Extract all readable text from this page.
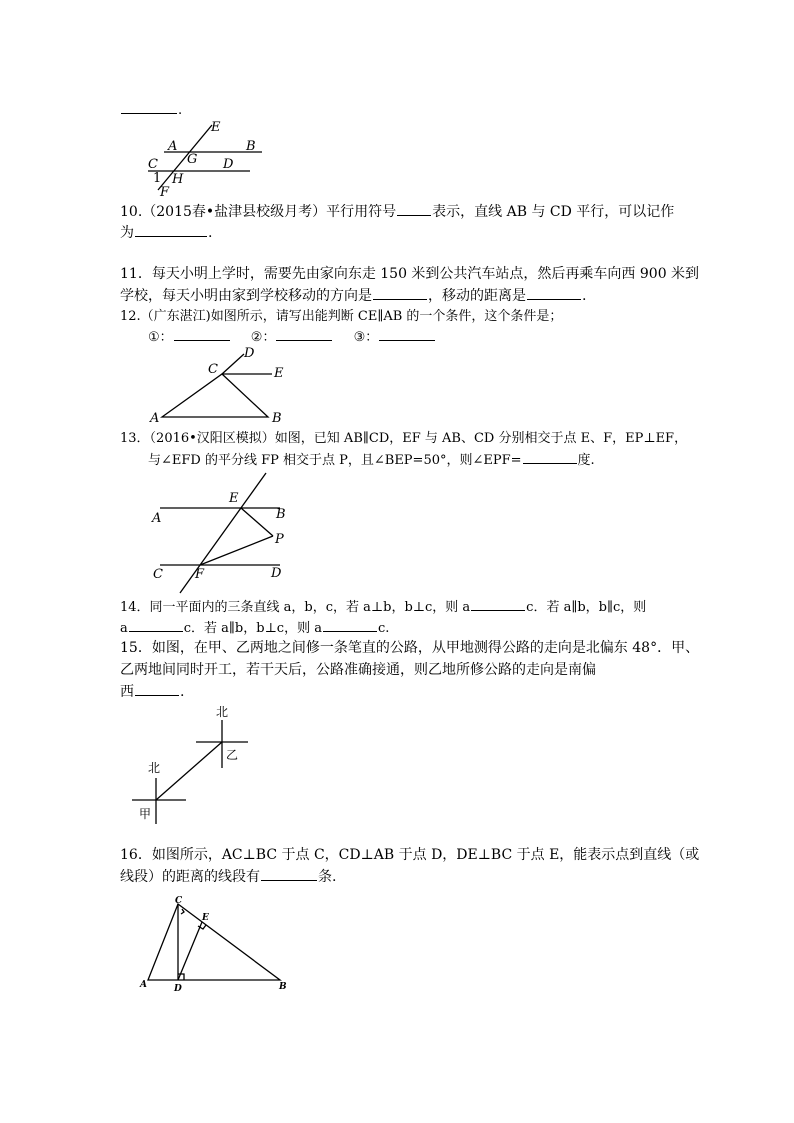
.
E
A	B
G
C	D
1 H
F
10.（2015春•盐津县校级月考）平行用符号	表示，直线 AB 与 CD 平行，可以记作
为	.
11．每天小明上学时，需要先由家向东走 150 米到公共汽车站点，然后再乘车向西 900 米到
学校，每天小明由家到学校移动的方向是	，移动的距离是	.
12.（广东湛江)如图所示，请写出能判断 CE∥AB 的一个条件，这个条件是；
①：	②：	③：
D
C	E
A	B
13．（2016•汉阳区模拟）如图，已知 AB∥CD，EF 与 AB、CD 分别相交于点 E、F，EP⊥EF，
与∠EFD 的平分线 FP 相交于点 P，且∠BEP=50°，则∠EPF=	度.
E
A	B
P
C F	D
14．同一平面内的三条直线 a，b，c，若 a⊥b，b⊥c，则 a	c．若 a∥b，b∥c，则
a	c．若 a∥b，b⊥c，则 a	c.
15．如图，在甲、乙两地之间修一条笔直的公路，从甲地测得公路的走向是北偏东 48°．甲、
乙两地间同时开工，若干天后，公路准确接通，则乙地所修公路的走向是南偏
西	.
北
乙
北
甲
16．如图所示，AC⊥BC 于点 C，CD⊥AB 于点 D，DE⊥BC 于点 E，能表示点到直线（或
线段）的距离的线段有	条.
C
E
A	D	B
